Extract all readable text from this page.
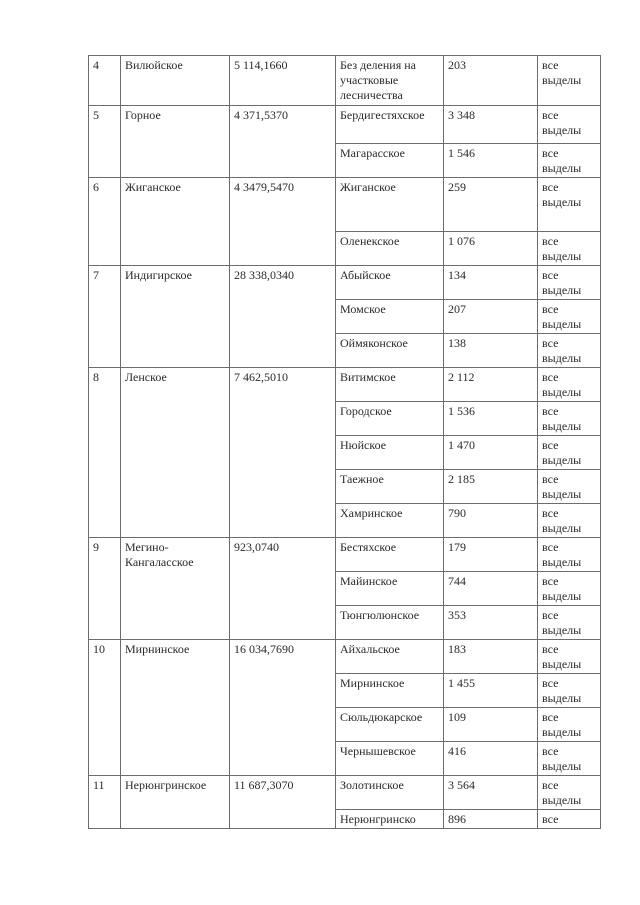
4	Вилюйское	5 114,1660	Без деления на участковые лесничества	203	все выделы
5	Горное	4 371,5370	Бердигестяхское	3 348	все выделы
			Магарасское	1 546	все выделы
6	Жиганское	4 3479,5470	Жиганское	259	все выделы
			Оленекское	1 076	все выделы
7	Индигирское	28 338,0340	Абыйское	134	все выделы
			Момское	207	все выделы
			Оймяконское	138	все выделы
8	Ленское	7 462,5010	Витимское	2 112	все выделы
			Городское	1 536	все выделы
			Нюйское	1 470	все выделы
			Таежное	2 185	все выделы
			Хамринское	790	все выделы
9	Мегино-Кангаласское	923,0740	Бестяхское	179	все выделы
			Майинское	744	все выделы
			Тюнгюлюнское	353	все выделы
10	Мирнинское	16 034,7690	Айхальское	183	все выделы
			Мирнинское	1 455	все выделы
			Сюльдюкарское	109	все выделы
			Чернышевское	416	все выделы
11	Нерюнгринское	11 687,3070	Золотинское	3 564	все выделы
			Нерюнгринско	896	все
